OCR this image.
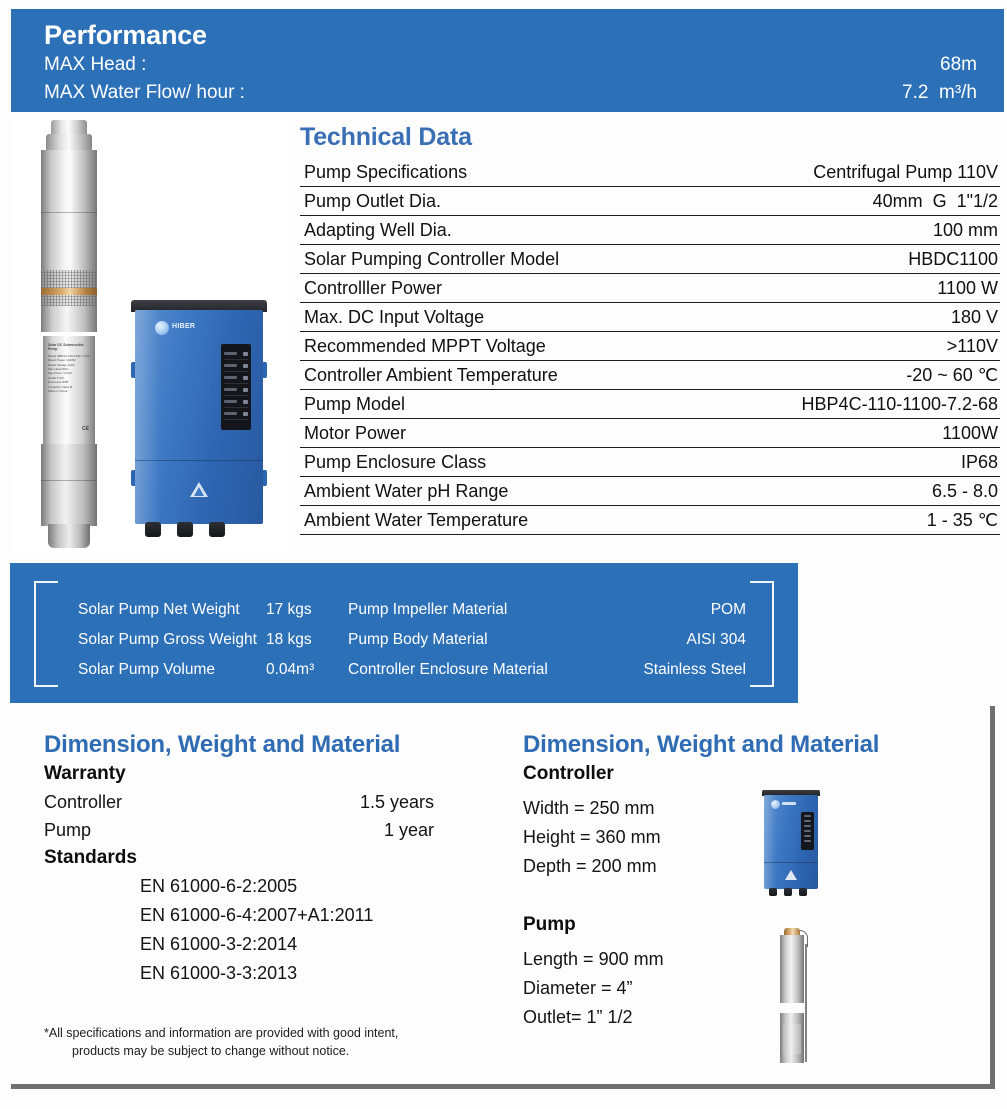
Performance
MAX Head :	68m
MAX Water Flow/ hour :	7.2  m³/h
Solar DC Submersible Pump
Model HBP4C-110-1100-7.2-68
Rated Power 1100W
Rated Voltage 110V
Max Head 68m
Max Flow 7.2m³/h
Outlet 1"1/2
Enclosure IP68
Insulation Class B
Made in China
CE
HIBER
Technical Data
Pump Specifications	Centrifugal Pump 110V
Pump Outlet Dia.	40mm  G  1"1/2
Adapting Well Dia.	100 mm
Solar Pumping Controller Model	HBDC1100
Controlller Power	1100 W
Max. DC Input Voltage	180 V
Recommended MPPT Voltage	>110V
Controller Ambient Temperature	-20 ~ 60 ℃
Pump Model	HBP4C-110-1100-7.2-68
Motor Power	1100W
Pump Enclosure Class	IP68
Ambient Water pH Range	6.5 - 8.0
Ambient Water Temperature	1 - 35 ℃
Solar Pump Net Weight	17 kgs	Pump Impeller Material	POM
Solar Pump Gross Weight 18 kgs	Pump Body Material	AISI 304
Solar Pump Volume	0.04m³	Controller Enclosure Material	Stainless Steel
Dimension, Weight and Material
Warranty
Controller	1.5 years
Pump	1 year
Standards
EN 61000-6-2:2005
EN 61000-6-4:2007+A1:2011
EN 61000-3-2:2014
EN 61000-3-3:2013
Dimension, Weight and Material
Controller
Width = 250 mm
Height = 360 mm
Depth = 200 mm
Pump
Length = 900 mm
Diameter = 4”
Outlet= 1” 1/2
*All specifications and information are provided with good intent,
products may be subject to change without notice.
